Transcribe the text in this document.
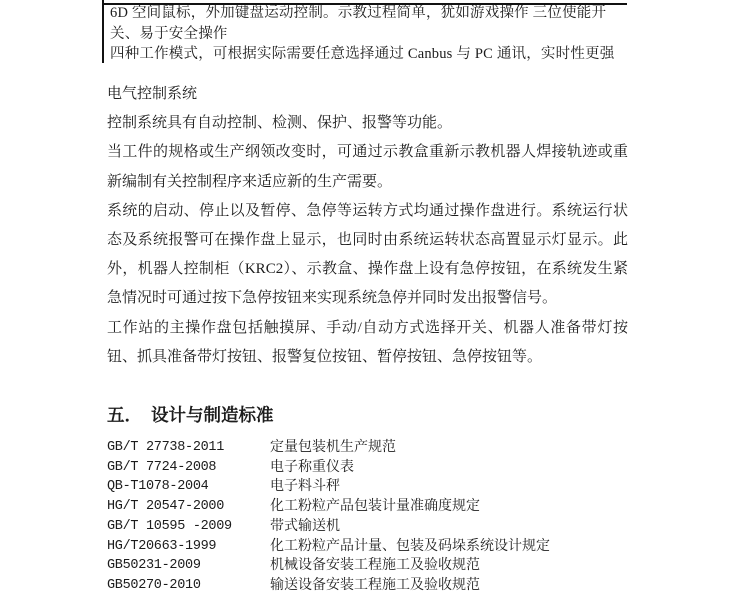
6D 空间鼠标，外加键盘运动控制。示教过程简单，犹如游戏操作 三位使能开
关、易于安全操作
四种工作模式，可根据实际需要任意选择通过 Canbus 与 PC 通讯，实时性更强

电气控制系统

控制系统具有自动控制、检测、保护、报警等功能。

当工件的规格或生产纲领改变时，可通过示教盒重新示教机器人焊接轨迹或重新编制有关控制程序来适应新的生产需要。

系统的启动、停止以及暂停、急停等运转方式均通过操作盘进行。系统运行状态及系统报警可在操作盘上显示，也同时由系统运转状态高置显示灯显示。此外，机器人控制柜（KRC2）、示教盒、操作盘上设有急停按钮，在系统发生紧急情况时可通过按下急停按钮来实现系统急停并同时发出报警信号。

工作站的主操作盘包括触摸屏、手动/自动方式选择开关、机器人准备带灯按钮、抓具准备带灯按钮、报警复位按钮、暂停按钮、急停按钮等。

五． 设计与制造标准
GB/T 27738-2011	定量包装机生产规范
GB/T 7724-2008	电子称重仪表
QB-T1078-2004	电子料斗秤
HG/T 20547-2000	化工粉粒产品包装计量准确度规定
GB/T 10595 -2009	带式输送机
HG/T20663-1999	化工粉粒产品计量、包装及码垛系统设计规定
GB50231-2009	机械设备安装工程施工及验收规范
GB50270-2010	输送设备安装工程施工及验收规范
